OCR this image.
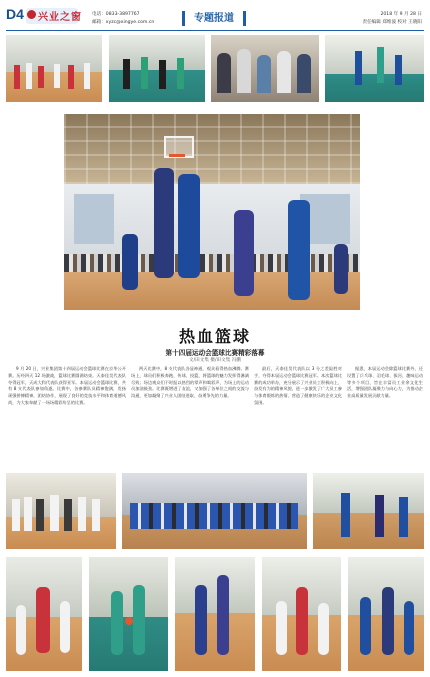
D4 兴业之窗 电话：0833-3897767
邮箱：xyzc@xingye.com.cn	专题报道	2018 年 9 月 28 日
责任编辑 郑维波 校对 王晓阳
热血篮球
第十四届运动会篮球比赛精彩落幕
文/田文集 摄/田文集 冯鹏
9 月 20 日，兴业集团第十四届运动会篮球比赛在京华公开赛。历经四天 12 场激战，篮球比赛圆满结束。天泰佳昊代表队夺得冠军，天成大科代表队获得亚军。本届运动会篮球比赛，共有 8 支代表队参加角逐。比赛中，各参赛队员精神饱满，发扬顽强拼搏精神，团结协作，展现了良好的竞技水平和体育道德风尚，为大家奉献了一场场精彩纷呈的比赛。
两天比赛中，8 支代表队各显神通，观众看得热血沸腾。赛场上，球员们积极奔跑、传球、投篮，将篮球的魅力发挥得淋漓尽致；场边观众们不时报以热烈的掌声和喝彩声，为场上的运动员加油鼓劲。比赛既增进了友谊，又加强了各单位之间的交流与沟通，更加凝聚了兴业人团结进取、奋勇争先的力量。
最后，天泰佳昊代表队以 3 分之差险胜对手，夺得本届运动会篮球比赛冠军。本次篮球比赛的成功举办，充分展示了兴业员工积极向上、奋发有为的精神风貌，进一步激发了广大员工参与体育锻炼的热情，营造了健康快乐的企业文化氛围。
据悉，本届运动会除篮球比赛外，还设置了乒乓球、羽毛球、拔河、趣味运动等多个项目，旨在丰富员工业余文化生活，增强团队凝聚力与向心力，为推动企业高质量发展贡献力量。
